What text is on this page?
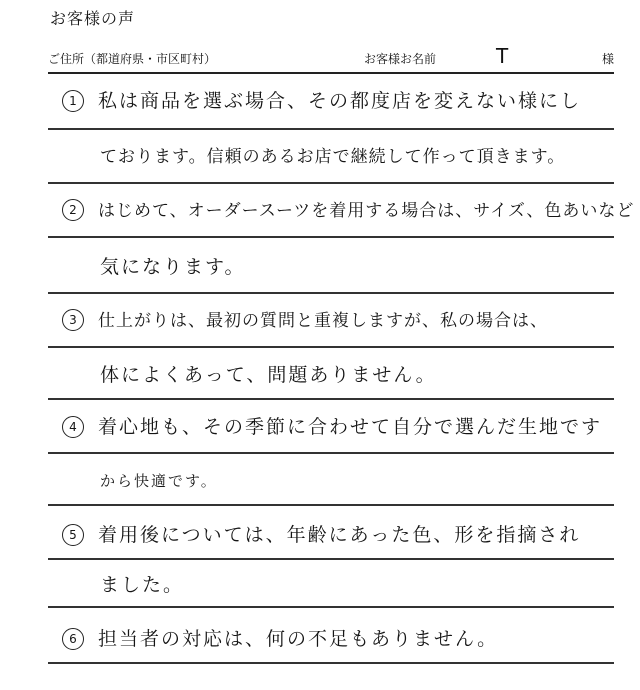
お客様の声
ご住所（都道府県・市区町村）	お客様お名前	T	様
1 私は商品を選ぶ場合、その都度店を変えない様にし
ております。信頼のあるお店で継続して作って頂きます。
2 はじめて、オーダースーツを着用する場合は、サイズ、色あいなど
気になります。
3 仕上がりは、最初の質問と重複しますが、私の場合は、
体によくあって、問題ありません。
4 着心地も、その季節に合わせて自分で選んだ生地です
から快適です。
5 着用後については、年齢にあった色、形を指摘され
ました。
6 担当者の対応は、何の不足もありません。
